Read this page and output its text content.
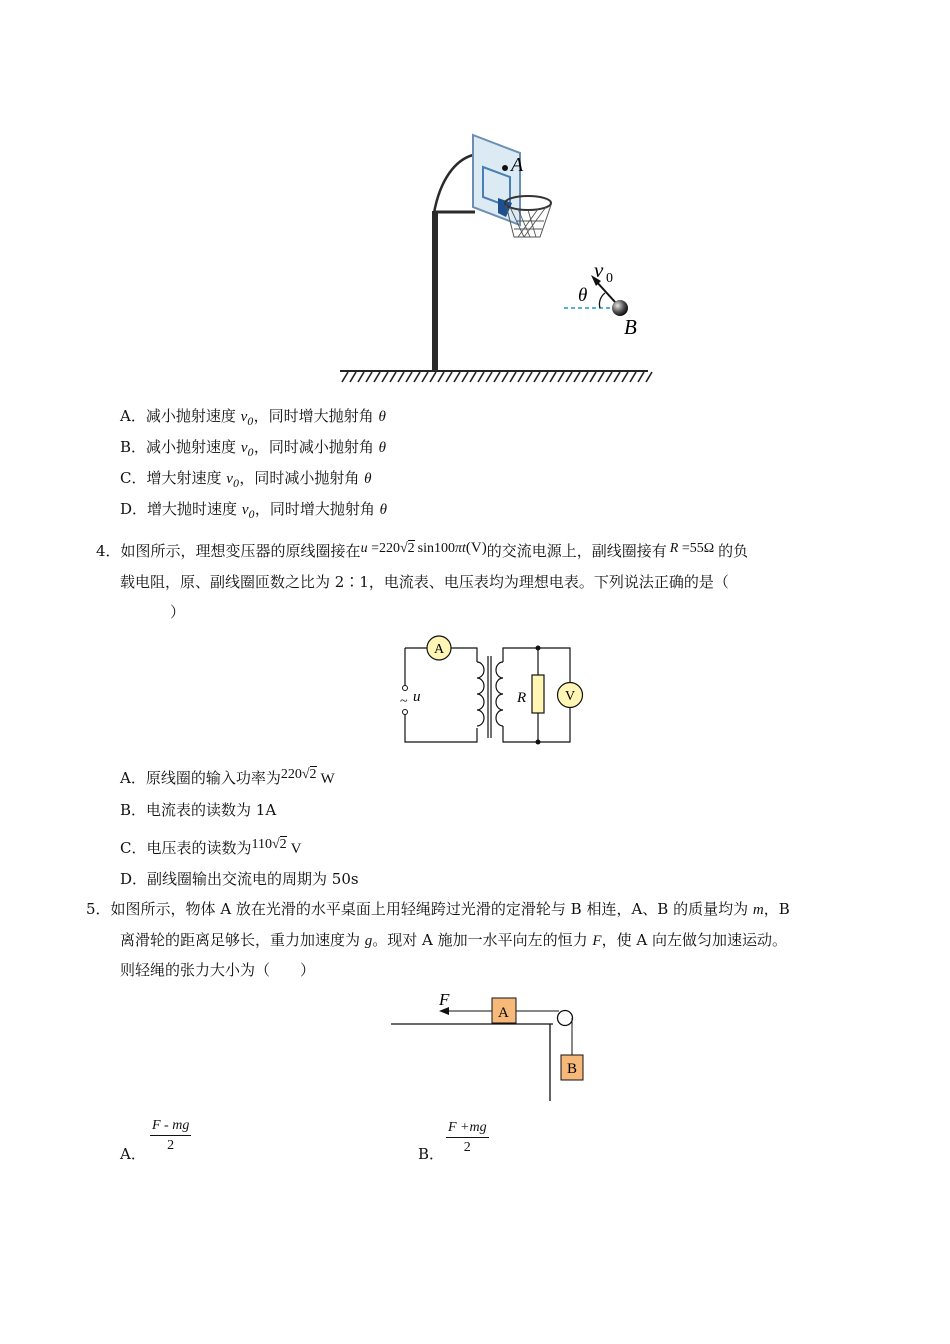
A
θ
v 0
B
A．减小抛射速度 $v_0$，同时增大抛射角 θ
B．减小抛射速度 $v_0$，同时减小抛射角 θ
C．增大射速度 $v_0$，同时减小抛射角 θ
D．增大抛时速度 $v_0$，同时增大抛射角 θ
4．如图所示，理想变压器的原线圈接在u =220√2 sin100πt(V)的交流电源上，副线圈接有 R =55Ω 的负
载电阻，原、副线圈匝数之比为 2∶1，电流表、电压表均为理想电表。下列说法正确的是（
）
A
V
~ u	R
A．原线圈的输入功率为220√2 W
B．电流表的读数为 1A
C．电压表的读数为110√2 V
D．副线圈输出交流电的周期为 50s
5．如图所示，物体 A 放在光滑的水平桌面上用轻绳跨过光滑的定滑轮与 B 相连，A、B 的质量均为 m，B
离滑轮的距离足够长，重力加速度为 g。现对 A 施加一水平向左的恒力 F，使 A 向左做匀加速运动。
则轻绳的张力大小为（　　）
F
A
B
A． $\frac{F - mg}{2}$	B． $\frac{F +mg}{2}$
